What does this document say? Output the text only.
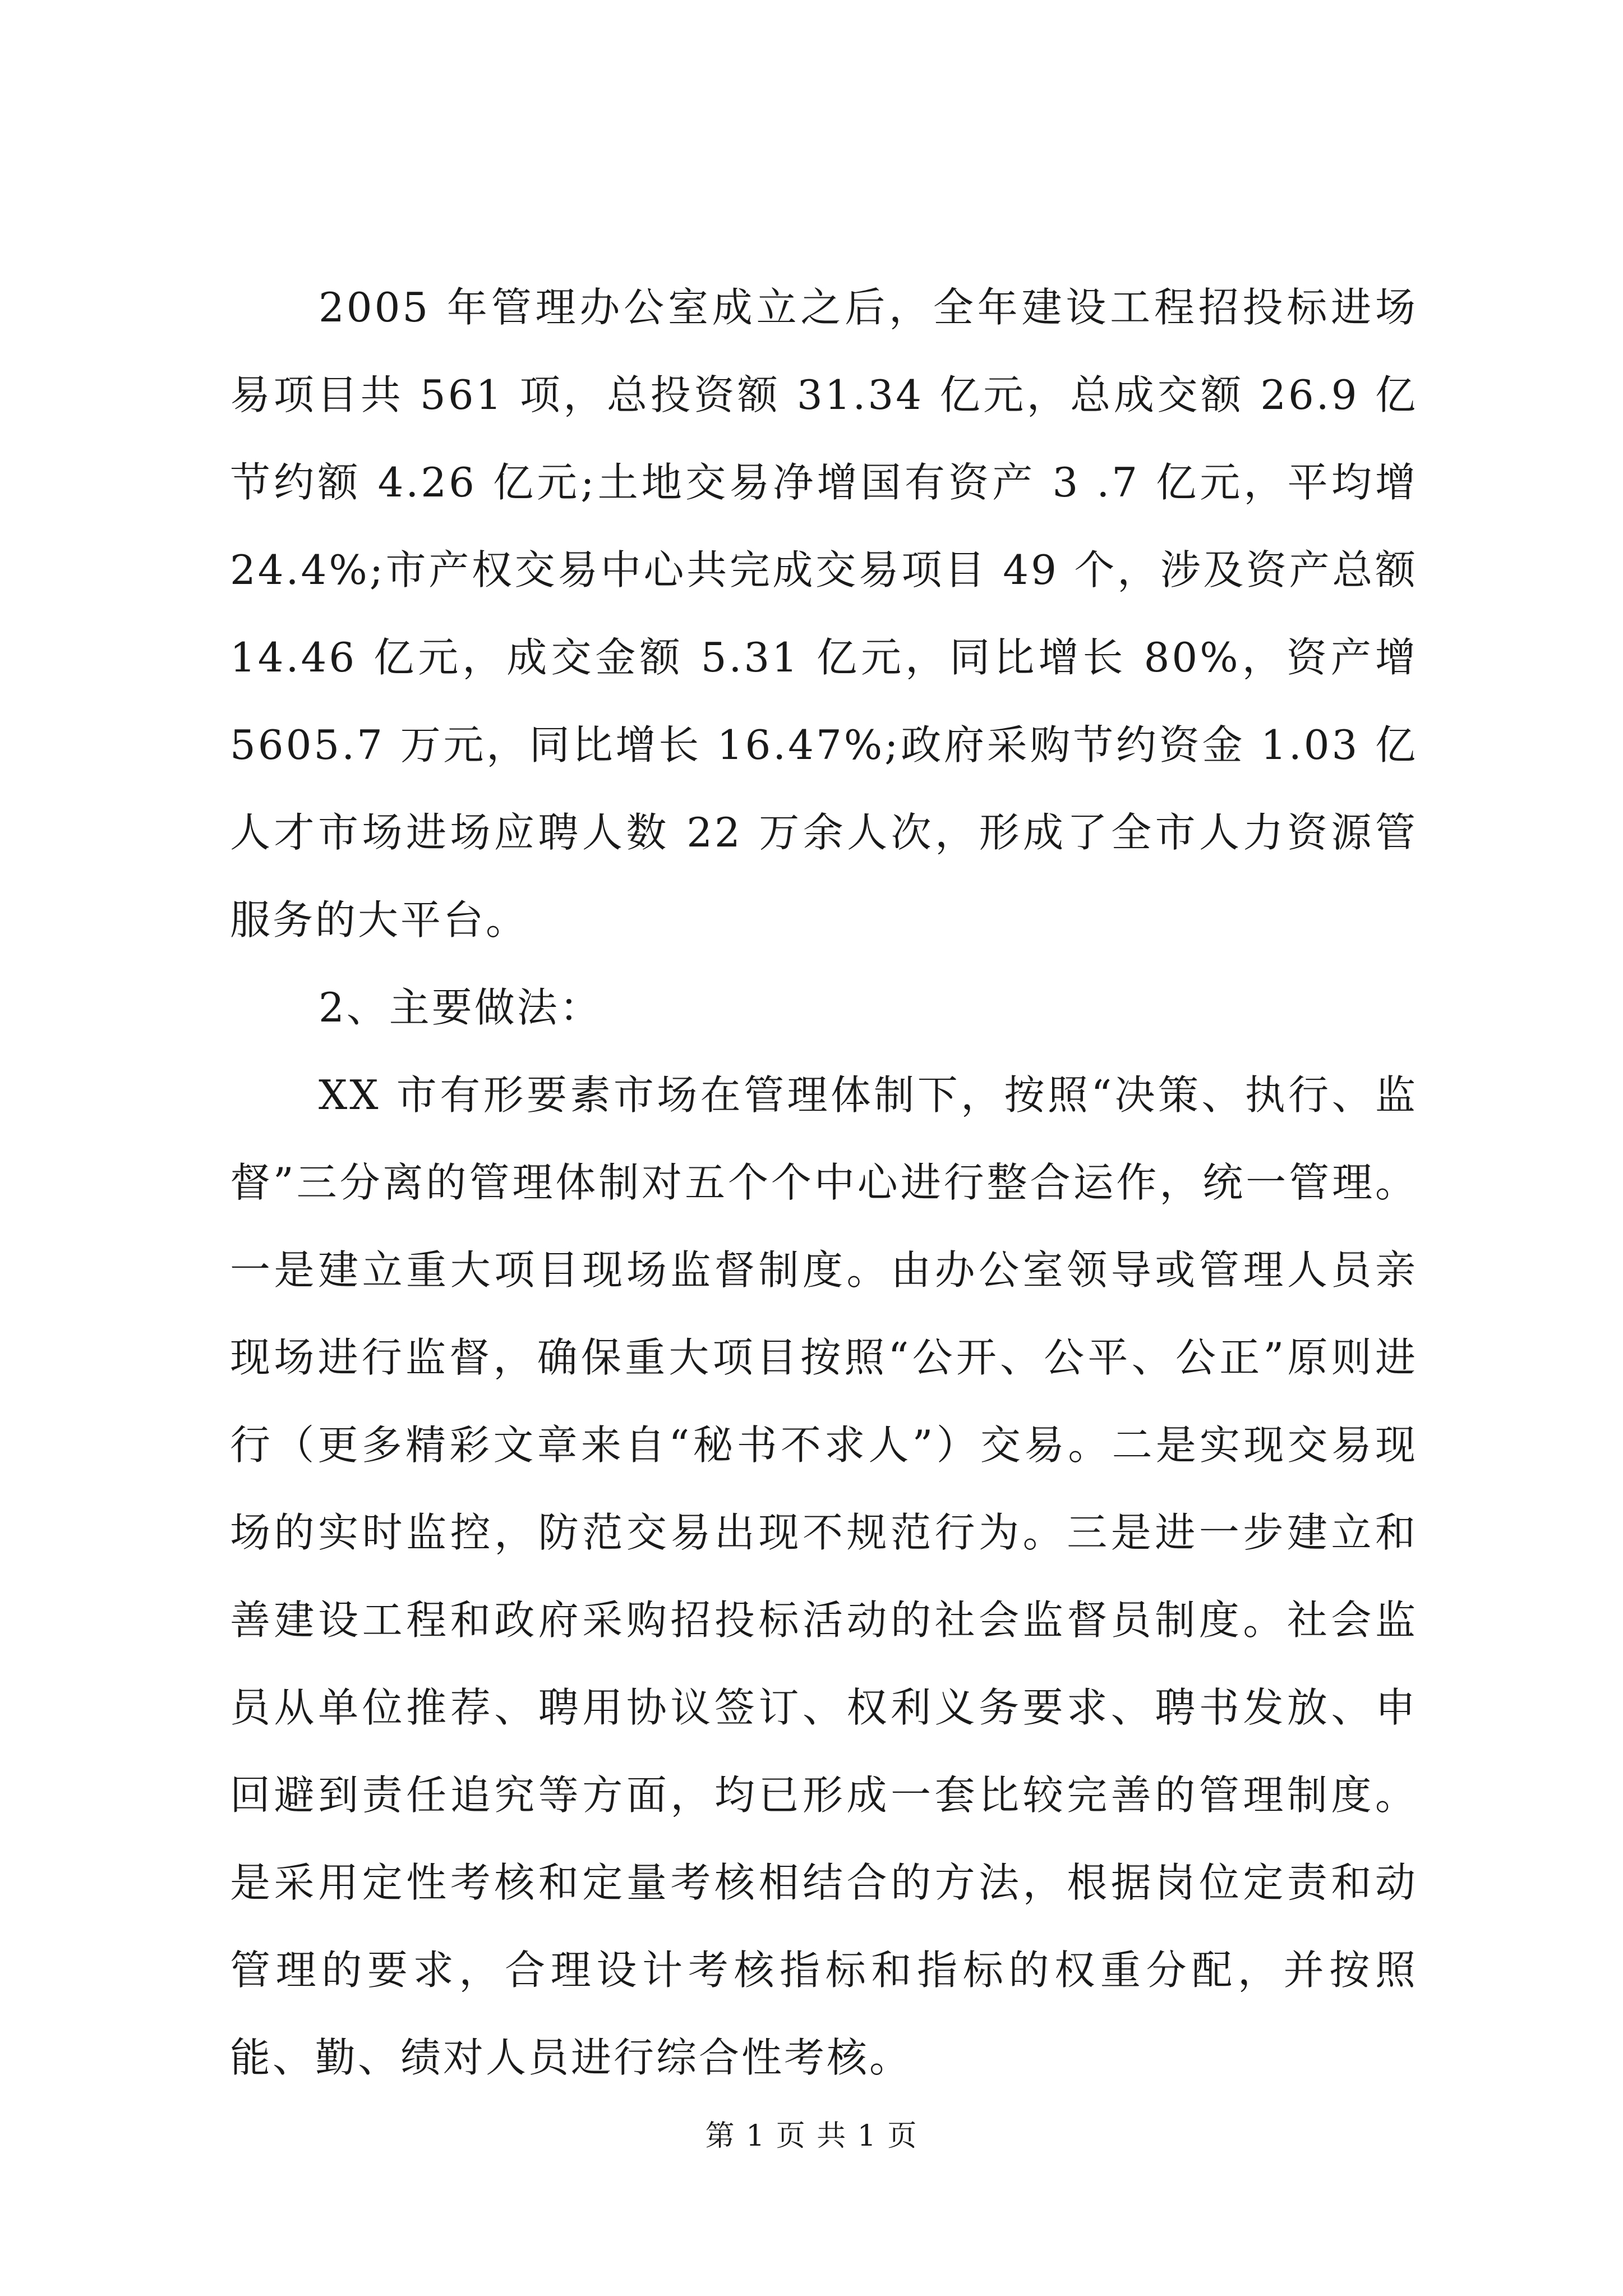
2005 年管理办公室成立之后，全年建设工程招投标进场
易项目共 561 项，总投资额 31.34 亿元，总成交额 26.9 亿
节约额 4.26 亿元;土地交易净增国有资产 3 .7 亿元，平均增
24.4%;市产权交易中心共完成交易项目 49 个，涉及资产总额
14.46 亿元，成交金额 5.31 亿元，同比增长 80%，资产增
5605.7 万元，同比增长 16.47%;政府采购节约资金 1.03 亿
人才市场进场应聘人数 22 万余人次，形成了全市人力资源管
服务的大平台。
2、主要做法：
XX 市有形要素市场在管理体制下，按照“决策、执行、监
督”三分离的管理体制对五个个中心进行整合运作，统一管理。
一是建立重大项目现场监督制度。由办公室领导或管理人员亲
现场进行监督，确保重大项目按照“公开、公平、公正”原则进
行（更多精彩文章来自“秘书不求人”）交易。二是实现交易现
场的实时监控，防范交易出现不规范行为。三是进一步建立和
善建设工程和政府采购招投标活动的社会监督员制度。社会监
员从单位推荐、聘用协议签订、权利义务要求、聘书发放、申
回避到责任追究等方面，均已形成一套比较完善的管理制度。
是采用定性考核和定量考核相结合的方法，根据岗位定责和动
管理的要求，合理设计考核指标和指标的权重分配，并按照
能、勤、绩对人员进行综合性考核。
第 1 页 共 1 页
